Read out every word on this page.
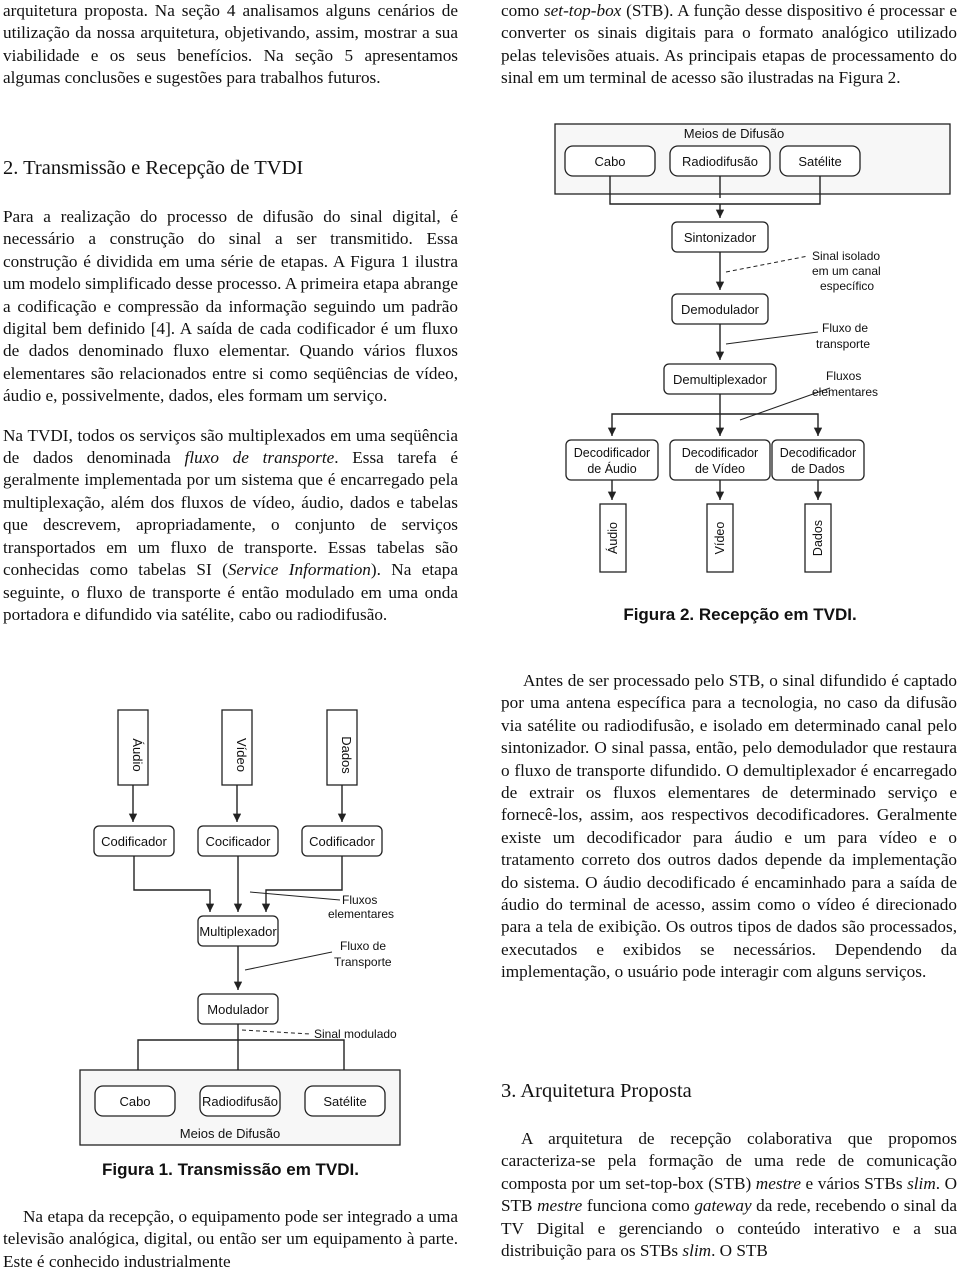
arquitetura proposta. Na seção 4 analisamos alguns cenários de utilização da nossa arquitetura, objetivando, assim, mostrar a sua viabilidade e os seus benefícios. Na seção 5 apresentamos algumas conclusões e sugestões para trabalhos futuros.

2. Transmissão e Recepção de TVDI

Para a realização do processo de difusão do sinal digital, é necessário a construção do sinal a ser transmitido. Essa construção é dividida em uma série de etapas. A Figura 1 ilustra um modelo simplificado desse processo. A primeira etapa abrange a codificação e compressão da informação seguindo um padrão digital bem definido [4]. A saída de cada codificador é um fluxo de dados denominado fluxo elementar. Quando vários fluxos elementares são relacionados entre si como seqüências de vídeo, áudio e, possivelmente, dados, eles formam um serviço.

Na TVDI, todos os serviços são multiplexados em uma seqüência de dados denominada fluxo de transporte. Essa tarefa é geralmente implementada por um sistema que é encarregado pela multiplexação, além dos fluxos de vídeo, áudio, dados e tabelas que descrevem, apropriadamente, o conjunto de serviços transportados em um fluxo de transporte. Essas tabelas são conhecidas como tabelas SI (Service Information). Na etapa seguinte, o fluxo de transporte é então modulado em uma onda portadora e difundido via satélite, cabo ou radiodifusão.

Áudio	Vídeo	Dados
Codificador	Cocificador	Codificador
Multiplexador
Modulador
Fluxos
elementares
Fluxo de
Transporte
Sinal modulado
Cabo	Radiodifusão	Satélite
Meios de Difusão
Figura 1. Transmissão em TVDI.

Na etapa da recepção, o equipamento pode ser integrado a uma televisão analógica, digital, ou então ser um equipamento à parte. Este é conhecido industrialmente

como set-top-box (STB). A função desse dispositivo é processar e converter os sinais digitais para o formato analógico utilizado pelas televisões atuais. As principais etapas de processamento do sinal em um terminal de acesso são ilustradas na Figura 2.

Meios de Difusão
Cabo	Radiodifusão	Satélite
Sintonizador
Demodulador
Demultiplexador
Sinal isolado
em um canal
específico
Fluxo de
transporte
Fluxos
elementares
Decodificador
de Áudio
Decodificador
de Vídeo
Decodificador
de Dados
Áudio	Vídeo	Dados
Figura 2. Recepção em TVDI.

Antes de ser processado pelo STB, o sinal difundido é captado por uma antena específica para a tecnologia, no caso da difusão via satélite ou radiodifusão, e isolado em determinado canal pelo sintonizador. O sinal passa, então, pelo demodulador que restaura o fluxo de transporte difundido. O demultiplexador é encarregado de extrair os fluxos elementares de determinado serviço e fornecê-los, assim, aos respectivos decodificadores. Geralmente existe um decodificador para áudio e um para vídeo e o tratamento correto dos outros dados depende da implementação do sistema. O áudio decodificado é encaminhado para a saída de áudio do terminal de acesso, assim como o vídeo é direcionado para a tela de exibição. Os outros tipos de dados são processados, executados e exibidos se necessários. Dependendo da implementação, o usuário pode interagir com alguns serviços.

3. Arquitetura Proposta

A arquitetura de recepção colaborativa que propomos caracteriza-se pela formação de uma rede de comunicação composta por um set-top-box (STB) mestre e vários STBs slim. O STB mestre funciona como gateway da rede, recebendo o sinal da TV Digital e gerenciando o conteúdo interativo e a sua distribuição para os STBs slim. O STB
